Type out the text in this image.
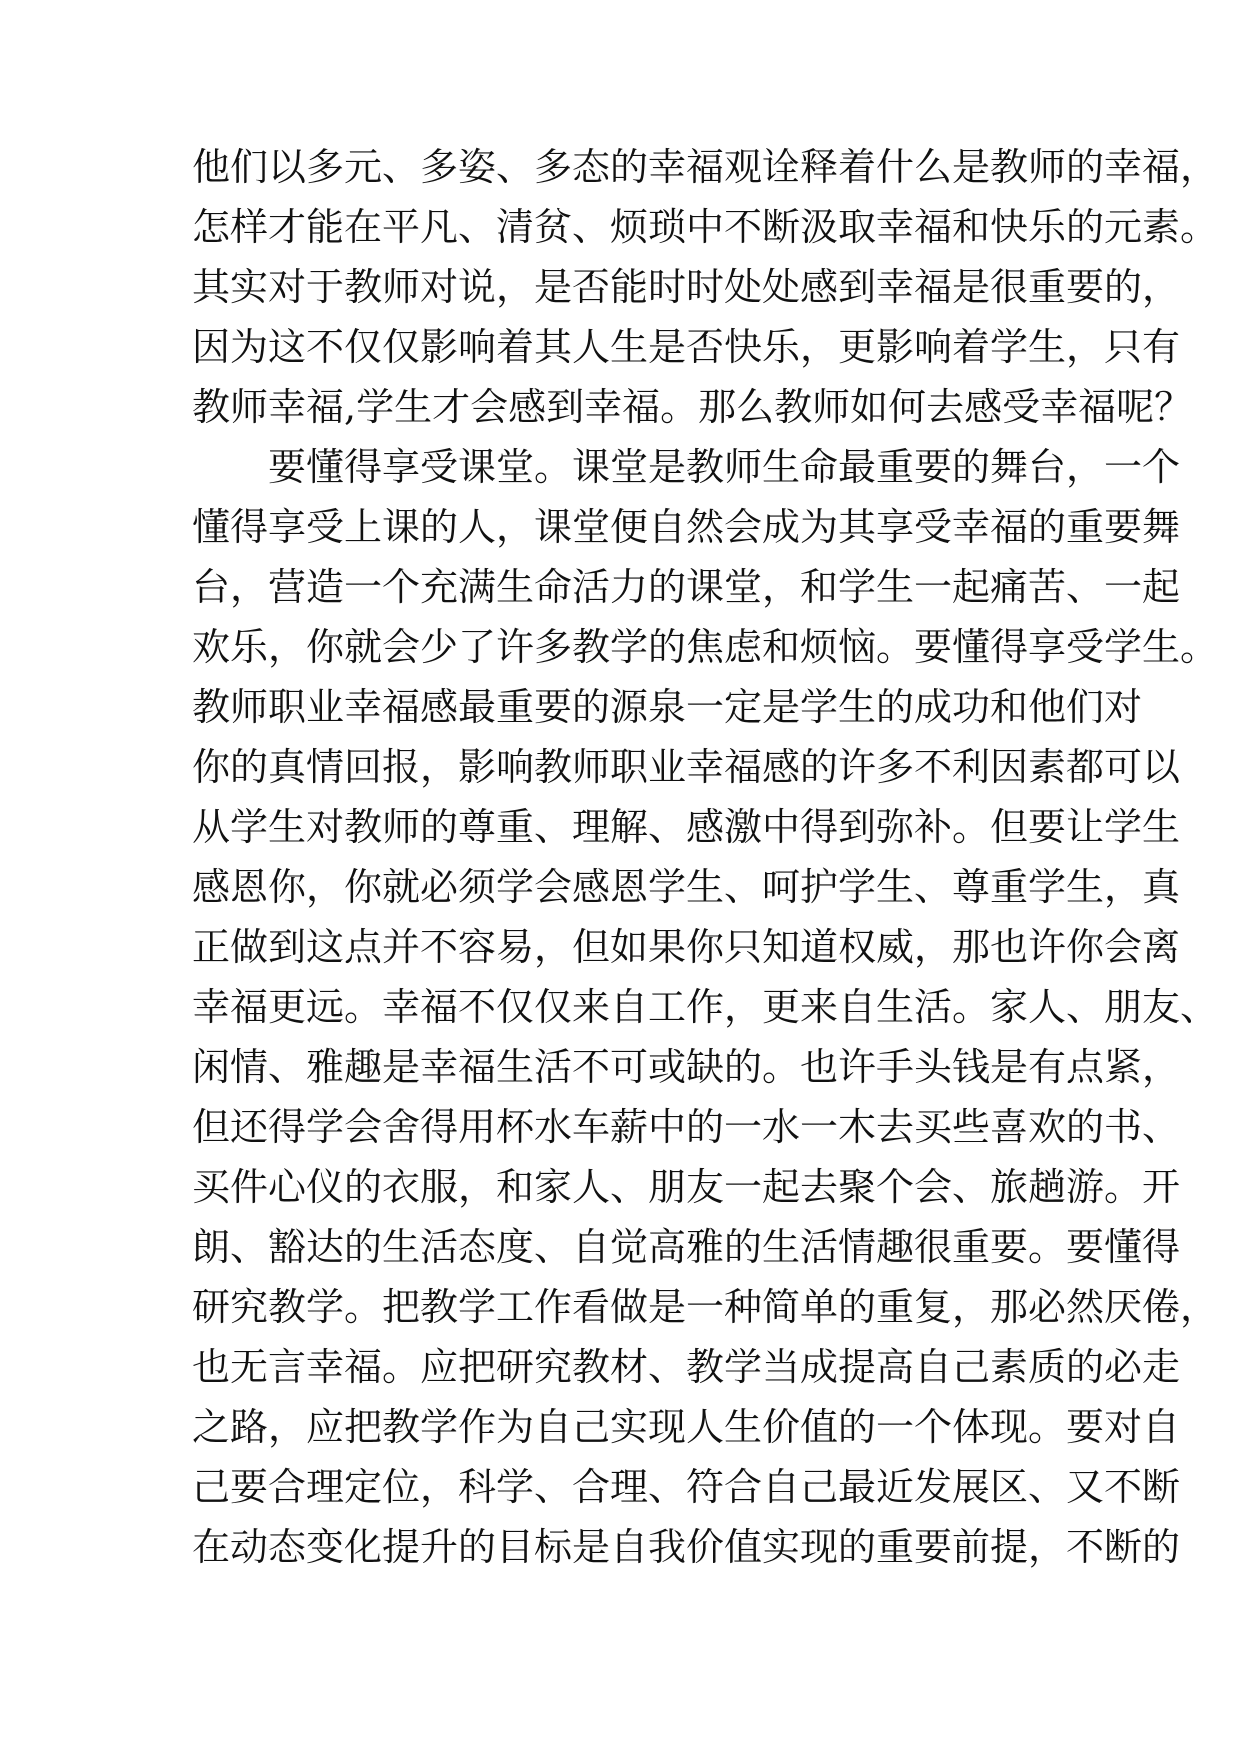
他们以多元、多姿、多态的幸福观诠释着什么是教师的幸福，
怎样才能在平凡、清贫、烦琐中不断汲取幸福和快乐的元素。
其实对于教师对说，是否能时时处处感到幸福是很重要的，
因为这不仅仅影响着其人生是否快乐，更影响着学生，只有
教师幸福,学生才会感到幸福。那么教师如何去感受幸福呢？
要懂得享受课堂。课堂是教师生命最重要的舞台，一个
懂得享受上课的人，课堂便自然会成为其享受幸福的重要舞
台，营造一个充满生命活力的课堂，和学生一起痛苦、一起
欢乐，你就会少了许多教学的焦虑和烦恼。要懂得享受学生。
教师职业幸福感最重要的源泉一定是学生的成功和他们对
你的真情回报，影响教师职业幸福感的许多不利因素都可以
从学生对教师的尊重、理解、感激中得到弥补。但要让学生
感恩你，你就必须学会感恩学生、呵护学生、尊重学生，真
正做到这点并不容易，但如果你只知道权威，那也许你会离
幸福更远。幸福不仅仅来自工作，更来自生活。家人、朋友、
闲情、雅趣是幸福生活不可或缺的。也许手头钱是有点紧，
但还得学会舍得用杯水车薪中的一水一木去买些喜欢的书、
买件心仪的衣服，和家人、朋友一起去聚个会、旅趟游。开
朗、豁达的生活态度、自觉高雅的生活情趣很重要。要懂得
研究教学。把教学工作看做是一种简单的重复，那必然厌倦，
也无言幸福。应把研究教材、教学当成提高自己素质的必走
之路，应把教学作为自己实现人生价值的一个体现。要对自
己要合理定位，科学、合理、符合自己最近发展区、又不断
在动态变化提升的目标是自我价值实现的重要前提，不断的
